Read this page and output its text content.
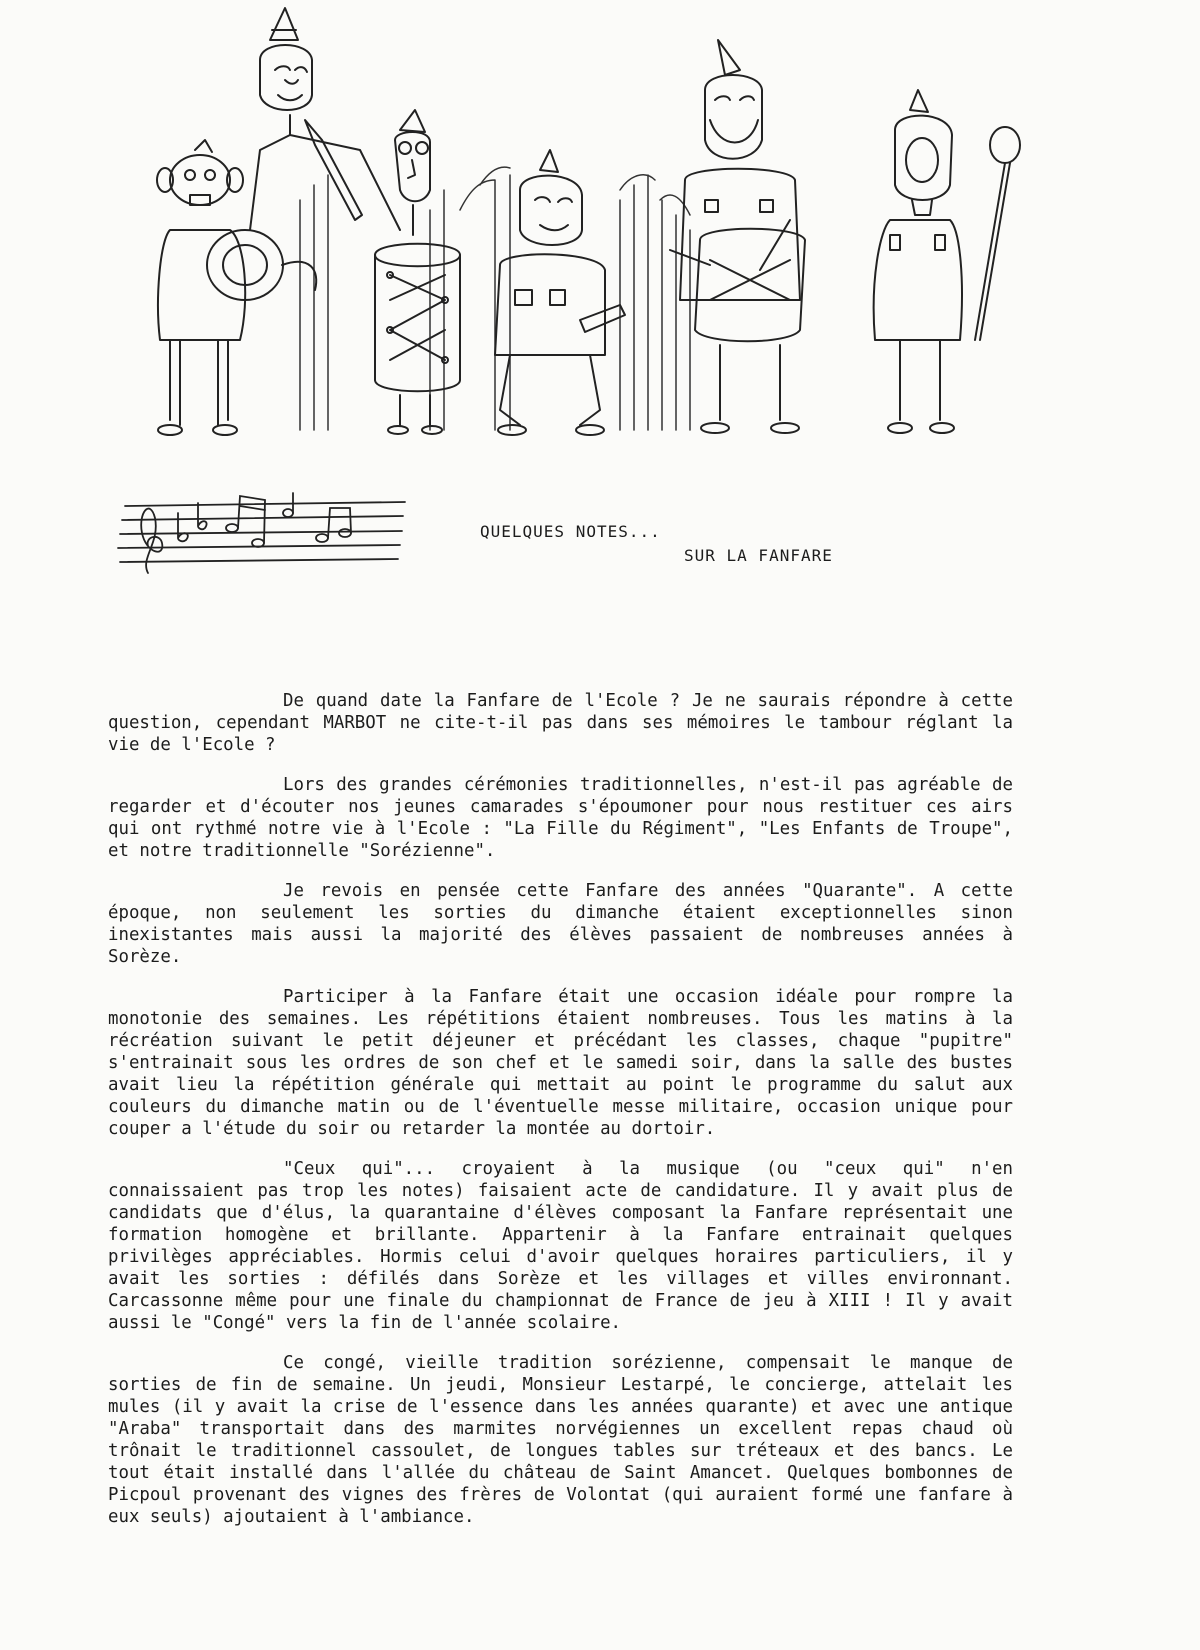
QUELQUES NOTES...
SUR LA FANFARE

De quand date la Fanfare de l'Ecole ? Je ne saurais répondre à cette question, cependant MARBOT ne cite-t-il pas dans ses mémoires le tambour réglant la vie de l'Ecole ?

Lors des grandes cérémonies traditionnelles, n'est-il pas agréable de regarder et d'écouter nos jeunes camarades s'époumoner pour nous restituer ces airs qui ont rythmé notre vie à l'Ecole : "La Fille du Régiment", "Les Enfants de Troupe", et notre traditionnelle "Sorézienne".

Je revois en pensée cette Fanfare des années "Quarante". A cette époque, non seulement les sorties du dimanche étaient exceptionnelles sinon inexistantes mais aussi la majorité des élèves passaient de nombreuses années à Sorèze.

Participer à la Fanfare était une occasion idéale pour rompre la monotonie des semaines. Les répétitions étaient nombreuses. Tous les matins à la récréation suivant le petit déjeuner et précédant les classes, chaque "pupitre" s'entrainait sous les ordres de son chef et le samedi soir, dans la salle des bustes avait lieu la répétition générale qui mettait au point le programme du salut aux couleurs du dimanche matin ou de l'éventuelle messe militaire, occasion unique pour couper a l'étude du soir ou retarder la montée au dortoir.

"Ceux qui"... croyaient à la musique (ou "ceux qui" n'en connaissaient pas trop les notes) faisaient acte de candidature. Il y avait plus de candidats que d'élus, la quarantaine d'élèves composant la Fanfare représentait une formation homogène et brillante. Appartenir à la Fanfare entrainait quelques privilèges appréciables. Hormis celui d'avoir quelques horaires particuliers, il y avait les sorties : défilés dans Sorèze et les villages et villes environnant. Carcassonne même pour une finale du championnat de France de jeu à XIII ! Il y avait aussi le "Congé" vers la fin de l'année scolaire.

Ce congé, vieille tradition sorézienne, compensait le manque de sorties de fin de semaine. Un jeudi, Monsieur Lestarpé, le concierge, attelait les mules (il y avait la crise de l'essence dans les années quarante) et avec une antique "Araba" transportait dans des marmites norvégiennes un excellent repas chaud où trônait le traditionnel cassoulet, de longues tables sur tréteaux et des bancs. Le tout était installé dans l'allée du château de Saint Amancet. Quelques bombonnes de Picpoul provenant des vignes des frères de Volontat (qui auraient formé une fanfare à eux seuls) ajoutaient à l'ambiance.
